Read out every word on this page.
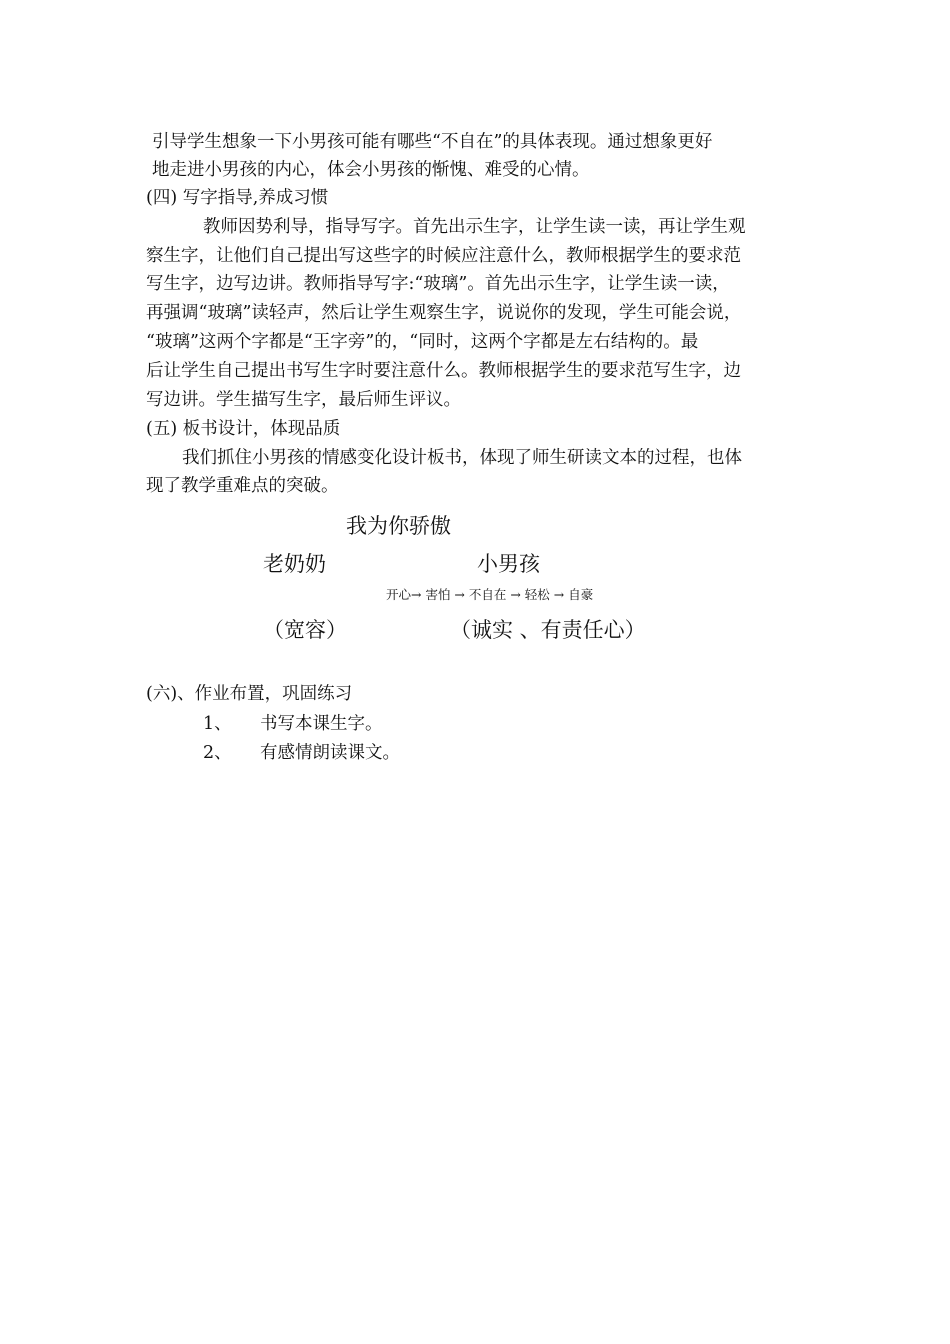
引导学生想象一下小男孩可能有哪些“不自在”的具体表现。通过想象更好
地走进小男孩的内心，体会小男孩的惭愧、难受的心情。
(四) 写字指导,养成习惯
教师因势利导，指导写字。首先出示生字，让学生读一读，再让学生观
察生字，让他们自己提出写这些字的时候应注意什么，教师根据学生的要求范
写生字，边写边讲。教师指导写字:“玻璃”。首先出示生字，让学生读一读，
再强调“玻璃”读轻声，然后让学生观察生字，说说你的发现，学生可能会说，
“玻璃”这两个字都是“王字旁”的，“同时，这两个字都是左右结构的。最
后让学生自己提出书写生字时要注意什么。教师根据学生的要求范写生字，边
写边讲。学生描写生字，最后师生评议。
(五) 板书设计，体现品质
我们抓住小男孩的情感变化设计板书，体现了师生研读文本的过程，也体
现了教学重难点的突破。
我为你骄傲
老奶奶	小男孩
开心→ 害怕 → 不自在 → 轻松 → 自豪
（宽容）	（诚实 、有责任心）
(六)、作业布置，巩固练习
1、 书写本课生字。
2、 有感情朗读课文。
